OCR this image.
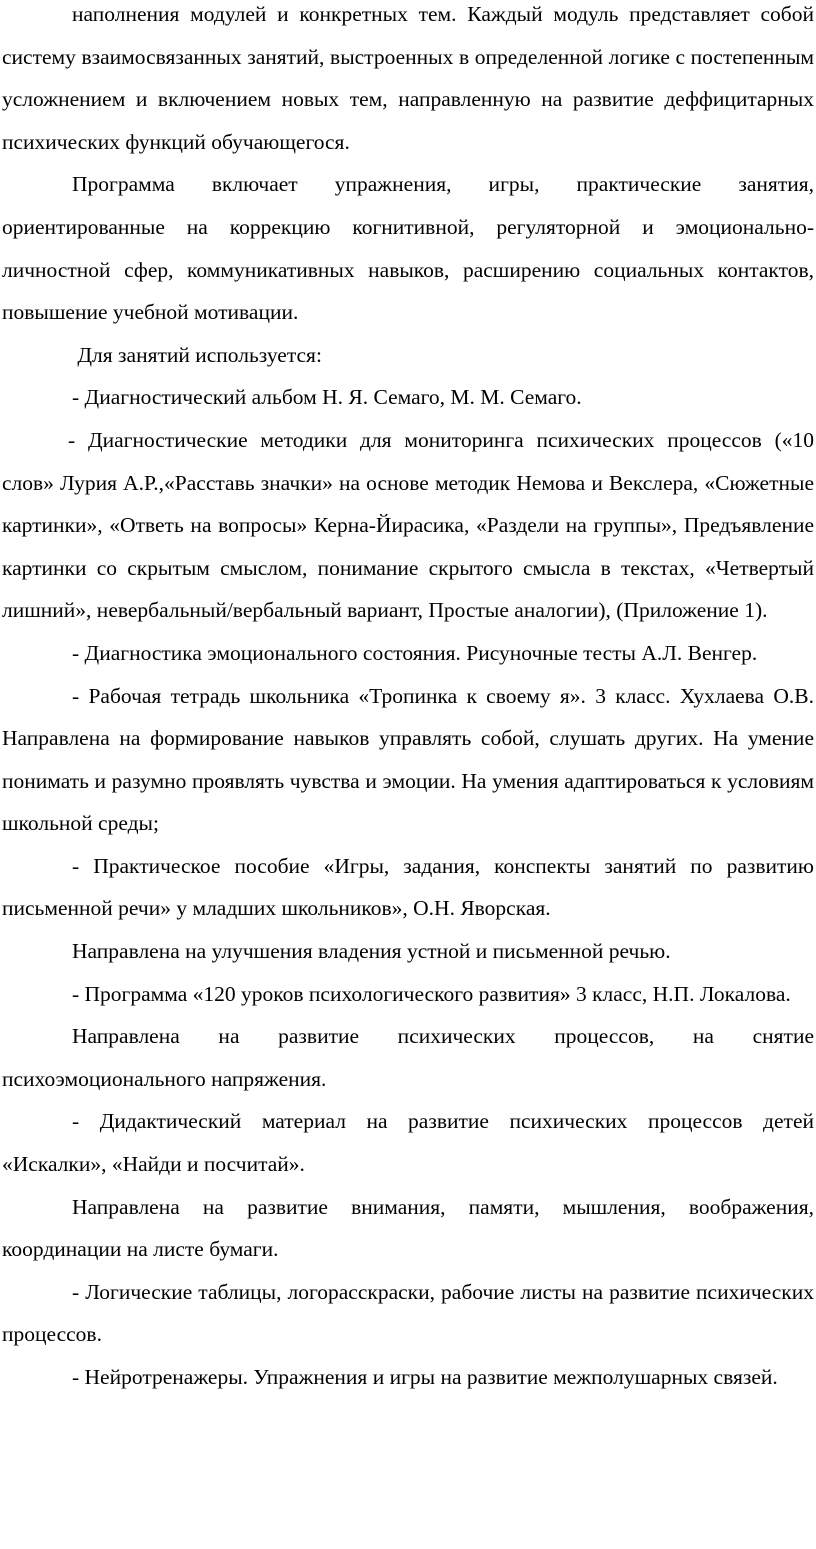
наполнения модулей и конкретных тем. Каждый модуль представляет собой систему взаимосвязанных занятий, выстроенных в определенной логике с постепенным усложнением и включением новых тем, направленную на развитие деффицитарных психических функций обучающегося.

Программа включает упражнения, игры, практические занятия, ориентированные на коррекцию когнитивной, регуляторной и эмоционально-личностной сфер, коммуникативных навыков, расширению социальных контактов, повышение учебной мотивации.

Для занятий используется:

- Диагностический альбом Н. Я. Семаго, М. М. Семаго.

- Диагностические методики для мониторинга психических процессов («10 слов» Лурия А.Р.,«Расставь значки» на основе методик Немова и Векслера, «Сюжетные картинки», «Ответь на вопросы» Керна-Йирасика, «Раздели на группы», Предъявление картинки со скрытым смыслом, понимание скрытого смысла в текстах, «Четвертый лишний», невербальный/вербальный вариант, Простые аналогии), (Приложение 1).

- Диагностика эмоционального состояния. Рисуночные тесты А.Л. Венгер.

- Рабочая тетрадь школьника «Тропинка к своему я». 3 класс. Хухлаева О.В. Направлена на формирование навыков управлять собой, слушать других. На умение понимать и разумно проявлять чувства и эмоции. На умения адаптироваться к условиям школьной среды;

- Практическое пособие «Игры, задания, конспекты занятий по развитию письменной речи» у младших школьников», О.Н. Яворская.

Направлена на улучшения владения устной и письменной речью.

- Программа «120 уроков психологического развития» 3 класс, Н.П. Локалова.

Направлена на развитие психических процессов, на снятие психоэмоционального напряжения.

- Дидактический материал на развитие психических процессов детей «Искалки», «Найди и посчитай».

Направлена на развитие внимания, памяти, мышления, воображения, координации на листе бумаги.

- Логические таблицы, логорасскраски, рабочие листы на развитие психических процессов.

- Нейротренажеры. Упражнения и игры на развитие межполушарных связей.
